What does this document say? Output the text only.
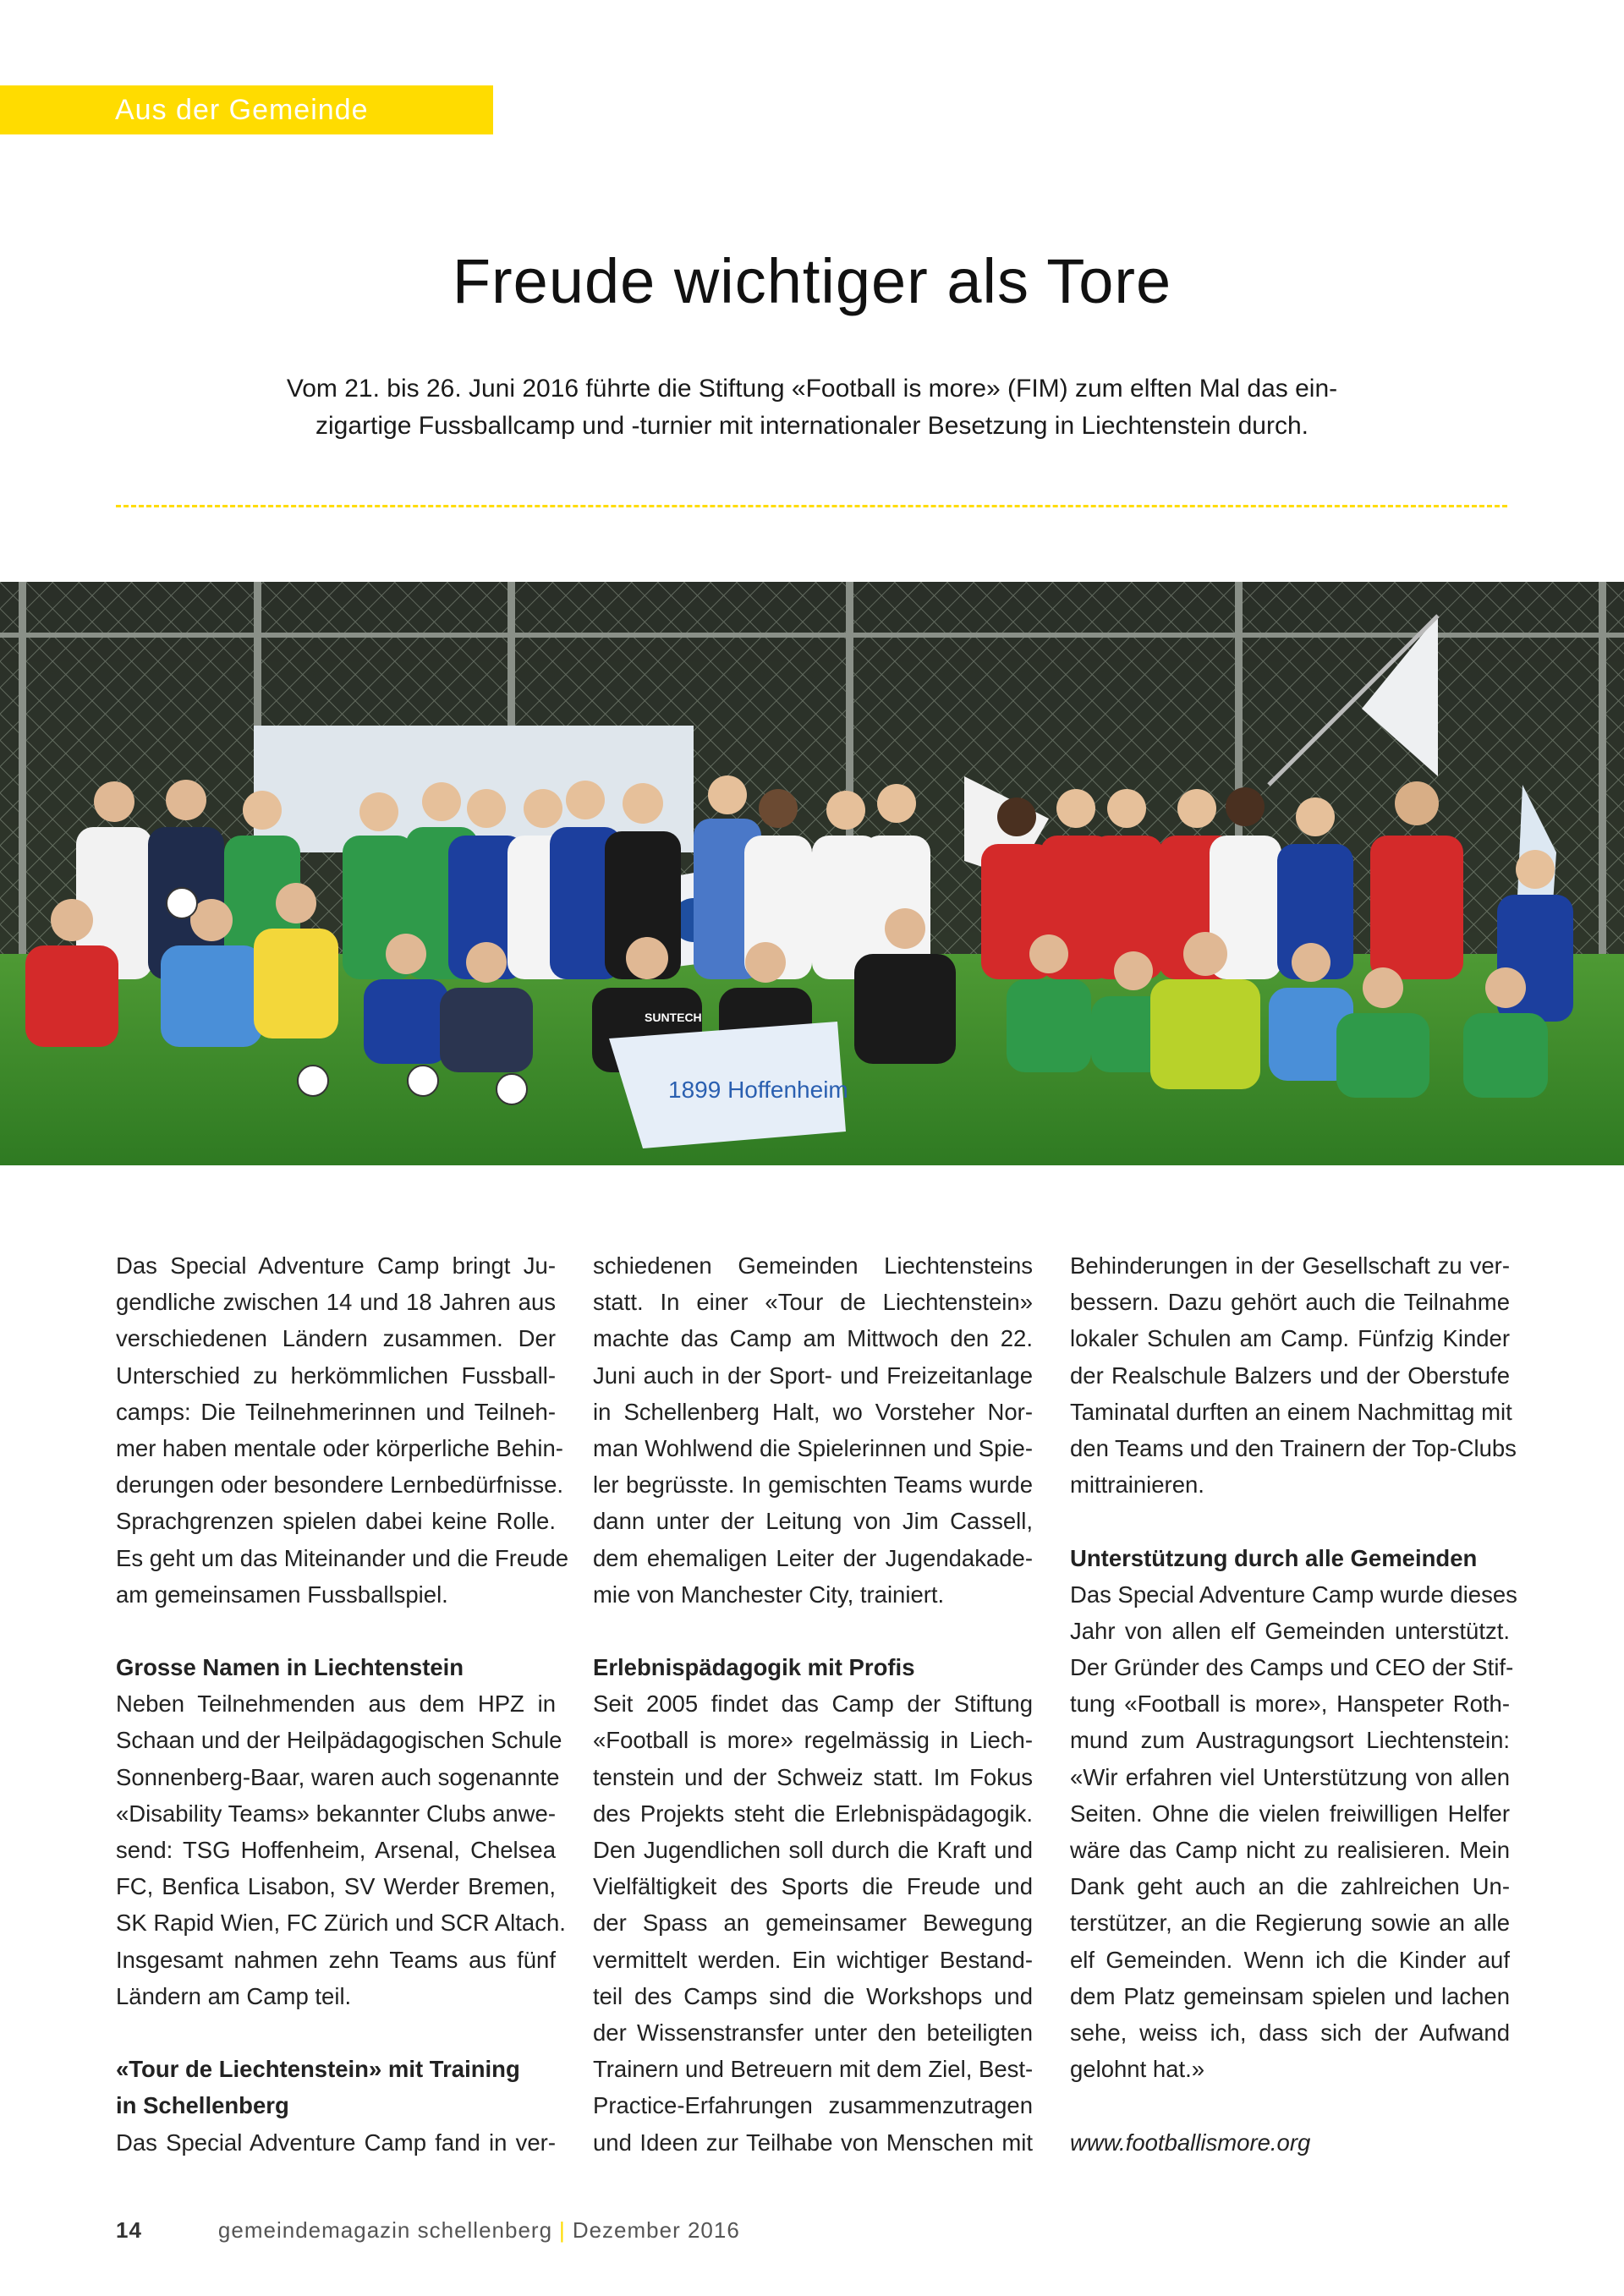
Aus der Gemeinde
Freude wichtiger als Tore

Vom 21. bis 26. Juni 2016 führte die Stiftung «Football is more» (FIM) zum elften Mal das ein-
zigartige Fussballcamp und -turnier mit internationaler Besetzung in Liechtenstein durch.

1899 Hoffenheim
SUNTECH
Das Special Adventure Camp bringt Ju-
gendliche zwischen 14 und 18 Jahren aus
verschiedenen Ländern zusammen. Der
Unterschied zu herkömmlichen Fussball-
camps: Die Teilnehmerinnen und Teilneh-
mer haben mentale oder körperliche Behin-
derungen oder besondere Lernbedürfnisse.
Sprachgrenzen spielen dabei keine Rolle.
Es geht um das Miteinander und die Freude
am gemeinsamen Fussballspiel.
Grosse Namen in Liechtenstein
Neben Teilnehmenden aus dem HPZ in
Schaan und der Heilpädagogischen Schule
Sonnenberg-Baar, waren auch sogenannte
«Disability Teams» bekannter Clubs anwe-
send: TSG Hoffenheim, Arsenal, Chelsea
FC, Benfica Lisabon, SV Werder Bremen,
SK Rapid Wien, FC Zürich und SCR Altach.
Insgesamt nahmen zehn Teams aus fünf
Ländern am Camp teil.
«Tour de Liechtenstein» mit Training
in Schellenberg
Das Special Adventure Camp fand in ver-
schiedenen Gemeinden Liechtensteins
statt. In einer «Tour de Liechtenstein»
machte das Camp am Mittwoch den 22.
Juni auch in der Sport- und Freizeitanlage
in Schellenberg Halt, wo Vorsteher Nor-
man Wohlwend die Spielerinnen und Spie-
ler begrüsste. In gemischten Teams wurde
dann unter der Leitung von Jim Cassell,
dem ehemaligen Leiter der Jugendakade-
mie von Manchester City, trainiert.
Erlebnispädagogik mit Profis
Seit 2005 findet das Camp der Stiftung
«Football is more» regelmässig in Liech-
tenstein und der Schweiz statt. Im Fokus
des Projekts steht die Erlebnispädagogik.
Den Jugendlichen soll durch die Kraft und
Vielfältigkeit des Sports die Freude und
der Spass an gemeinsamer Bewegung
vermittelt werden. Ein wichtiger Bestand-
teil des Camps sind die Workshops und
der Wissenstransfer unter den beteiligten
Trainern und Betreuern mit dem Ziel, Best-
Practice-Erfahrungen zusammenzutragen
und Ideen zur Teilhabe von Menschen mit
Behinderungen in der Gesellschaft zu ver-
bessern. Dazu gehört auch die Teilnahme
lokaler Schulen am Camp. Fünfzig Kinder
der Realschule Balzers und der Oberstufe
Taminatal durften an einem Nachmittag mit
den Teams und den Trainern der Top-Clubs
mittrainieren.
Unterstützung durch alle Gemeinden
Das Special Adventure Camp wurde dieses
Jahr von allen elf Gemeinden unterstützt.
Der Gründer des Camps und CEO der Stif-
tung «Football is more», Hanspeter Roth-
mund zum Austragungsort Liechtenstein:
«Wir erfahren viel Unterstützung von allen
Seiten. Ohne die vielen freiwilligen Helfer
wäre das Camp nicht zu realisieren. Mein
Dank geht auch an die zahlreichen Un-
terstützer, an die Regierung sowie an alle
elf Gemeinden. Wenn ich die Kinder auf
dem Platz gemeinsam spielen und lachen
sehe, weiss ich, dass sich der Aufwand
gelohnt hat.»
www.footballismore.org
14	gemeindemagazin schellenberg | Dezember 2016
